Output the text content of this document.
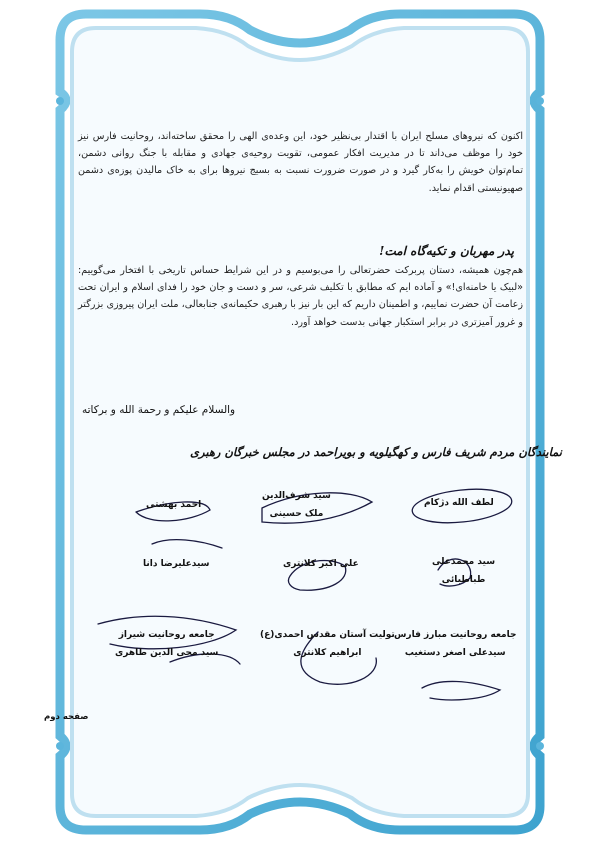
اکنون که نیروهای مسلح ایران با اقتدار بی‌نظیر خود، این وعده‌ی الهی را محقق ساخته‌اند، روحانیت فارس نیز خود را موظف می‌داند تا در مدیریت افکار عمومی، تقویت روحیه‌ی جهادی و مقابله با جنگ روانی دشمن، تمام‌توان خویش را به‌کار گیرد و در صورت ضرورت نسبت به بسیج نیروها برای به خاک مالیدن پوزه‌ی دشمن صهیونیستی اقدام نماید.

پدر مهربان و تکیه‌گاه امت!

هم‌چون همیشه، دستان پربرکت حضرتعالی را می‌بوسیم و در این شرایط حساس تاریخی با افتخار می‌گوییم: «لبیک یا خامنه‌ای!» و آماده ایم که مطابق با تکلیف شرعی، سر و دست و جان خود را فدای اسلام و ایران تحت زعامت آن حضرت نماییم، و اطمینان داریم که این بار نیز با رهبری حکیمانه‌ی جنابعالی، ملت ایران پیروزی بزرگتر و غرور آمیزتری در برابر استکبار جهانی بدست خواهد آورد.

والسلام علیکم و رحمة الله و برکاته
نمایندگان مردم شریف فارس و کهگیلویه و بویراحمد در مجلس خبرگان رهبری
لطف الله دژکام
سید شرف‌الدین
ملک حسینی
احمد بهشتی
سید محمدعلی
طباطبائی
علی اکبر کلانتری
سیدعلیرضا دانا
جامعه روحانیت مبارز فارس
سیدعلی اصغر دستغیب
تولیت آستان مقدس احمدی(ع)
ابراهیم کلانتری
جامعه روحانیت شیراز
سید محی الدین طاهری
صفحه دوم
